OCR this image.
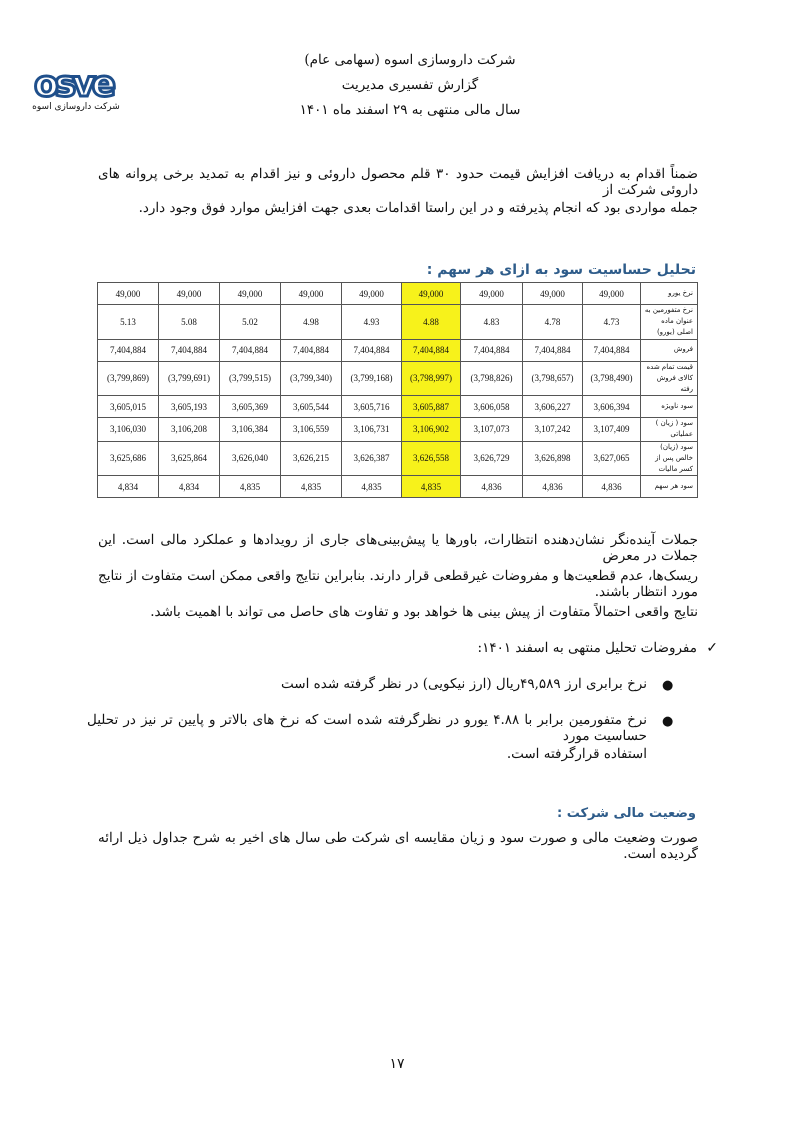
شرکت داروسازی اسوه (سهامی عام)
گزارش تفسیری مدیریت
سال مالی منتهی به ۲۹ اسفند ماه ۱۴۰۱
osve
شرکت داروسازی اسوه
ضمناً اقدام به دریافت افزایش قیمت حدود ۳۰ قلم محصول داروئی و نیز اقدام به تمدید برخی پروانه های داروئی شرکت از
جمله مواردی بود که انجام پذیرفته و در این راستا اقدامات بعدی جهت افزایش موارد فوق وجود دارد.
تحلیل حساسیت سود به ازای هر سهم :
49,000	49,000	49,000	49,000	49,000	49,000	49,000	49,000	49,000	نرخ یورو
5.13	5.08	5.02	4.98	4.93	4.88	4.83	4.78	4.73	نرخ متفورمین به عنوان ماده اصلی (یورو)
7,404,884	7,404,884	7,404,884	7,404,884	7,404,884	7,404,884	7,404,884	7,404,884	7,404,884	فروش
(3,799,869)	(3,799,691)	(3,799,515)	(3,799,340)	(3,799,168)	(3,798,997)	(3,798,826)	(3,798,657)	(3,798,490)	قیمت تمام شده کالای فروش رفته
3,605,015	3,605,193	3,605,369	3,605,544	3,605,716	3,605,887	3,606,058	3,606,227	3,606,394	سود ناویژه
3,106,030	3,106,208	3,106,384	3,106,559	3,106,731	3,106,902	3,107,073	3,107,242	3,107,409	سود ( زیان ) عملیاتی
3,625,686	3,625,864	3,626,040	3,626,215	3,626,387	3,626,558	3,626,729	3,626,898	3,627,065	سود (زیان) خالص پس از کسر مالیات
4,834	4,834	4,835	4,835	4,835	4,835	4,836	4,836	4,836	سود هر سهم
جملات آینده‌نگر نشان‌دهنده انتظارات، باورها یا پیش‌بینی‌های جاری از رویدادها و عملکرد مالی است. این جملات در معرض
ریسک‌ها، عدم قطعیت‌ها و مفروضات غیرقطعی قرار دارند. بنابراین نتایج واقعی ممکن است متفاوت از نتایج مورد انتظار باشند.
نتایج واقعی احتمالاً متفاوت از پیش بینی ها خواهد بود و تفاوت های حاصل می تواند با اهمیت باشد.
✓
مفروضات تحلیل منتهی به اسفند ۱۴۰۱:
●
نرخ برابری ارز ۴۹,۵۸۹ریال (ارز نیکویی) در نظر گرفته شده است
●
نرخ متفورمین برابر با ۴.۸۸ یورو در نظرگرفته شده است که نرخ های بالاتر و پایین تر نیز در تحلیل حساسیت مورد
استفاده قرارگرفته است.
وضعیت مالی شرکت :
صورت وضعیت مالی و صورت سود و زیان مقایسه ای شرکت طی سال های اخیر به شرح جداول ذیل ارائه گردیده است.
۱۷
